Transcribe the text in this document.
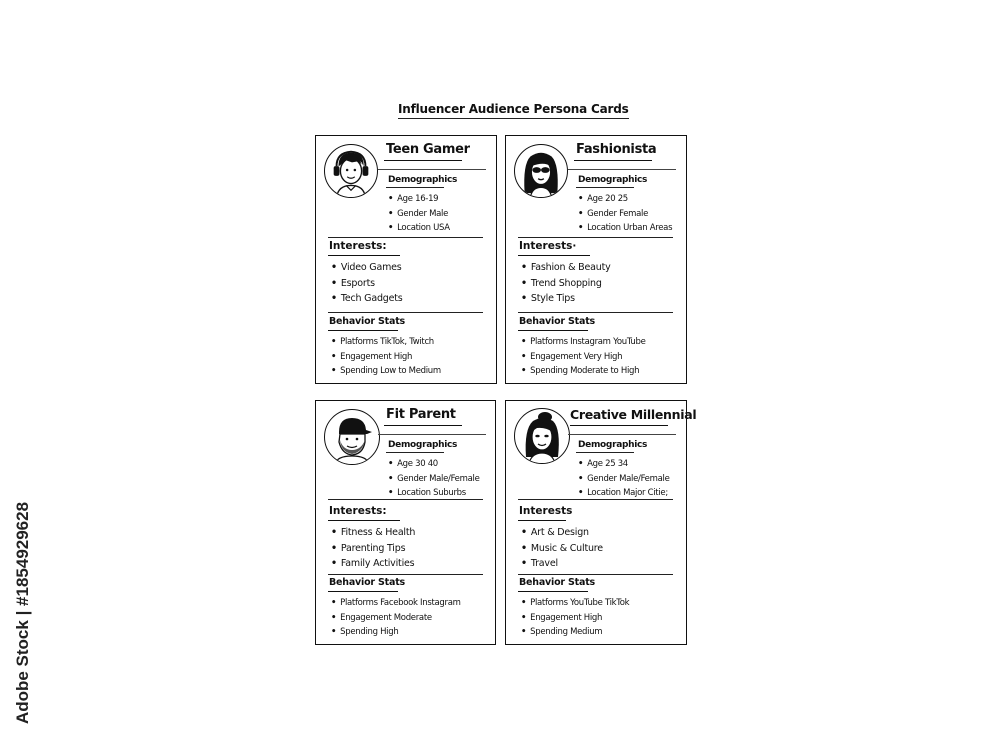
Influencer Audience Persona Cards
Teen Gamer
Demographics
• Age 16-19
• Gender Male
• Location USA
Interests:
• Video Games
• Esports
• Tech Gadgets
Behavior Stats
• Platforms TikTok, Twitch
• Engagement High
• Spending Low to Medium
Fashionista
Demographics
• Age 20 25
• Gender Female
• Location Urban Areas
Interests·
• Fashion & Beauty
• Trend Shopping
• Style Tips
Behavior Stats
• Platforms Instagram YouTube
• Engagement Very High
• Spending Moderate to High
Fit Parent
Demographics
• Age 30 40
• Gender Male/Female
• Location Suburbs
Interests:
• Fitness & Health
• Parenting Tips
• Family Activities
Behavior Stats
• Platforms Facebook Instagram
• Engagement Moderate
• Spending High
Creative Millennial
Demographics
• Age 25 34
• Gender Male/Female
• Location Major Citie;
Interests
• Art & Design
• Music & Culture
• Travel
Behavior Stats
• Platforms YouTube TikTok
• Engagement High
• Spending Medium
Adobe Stock | #1854929628
